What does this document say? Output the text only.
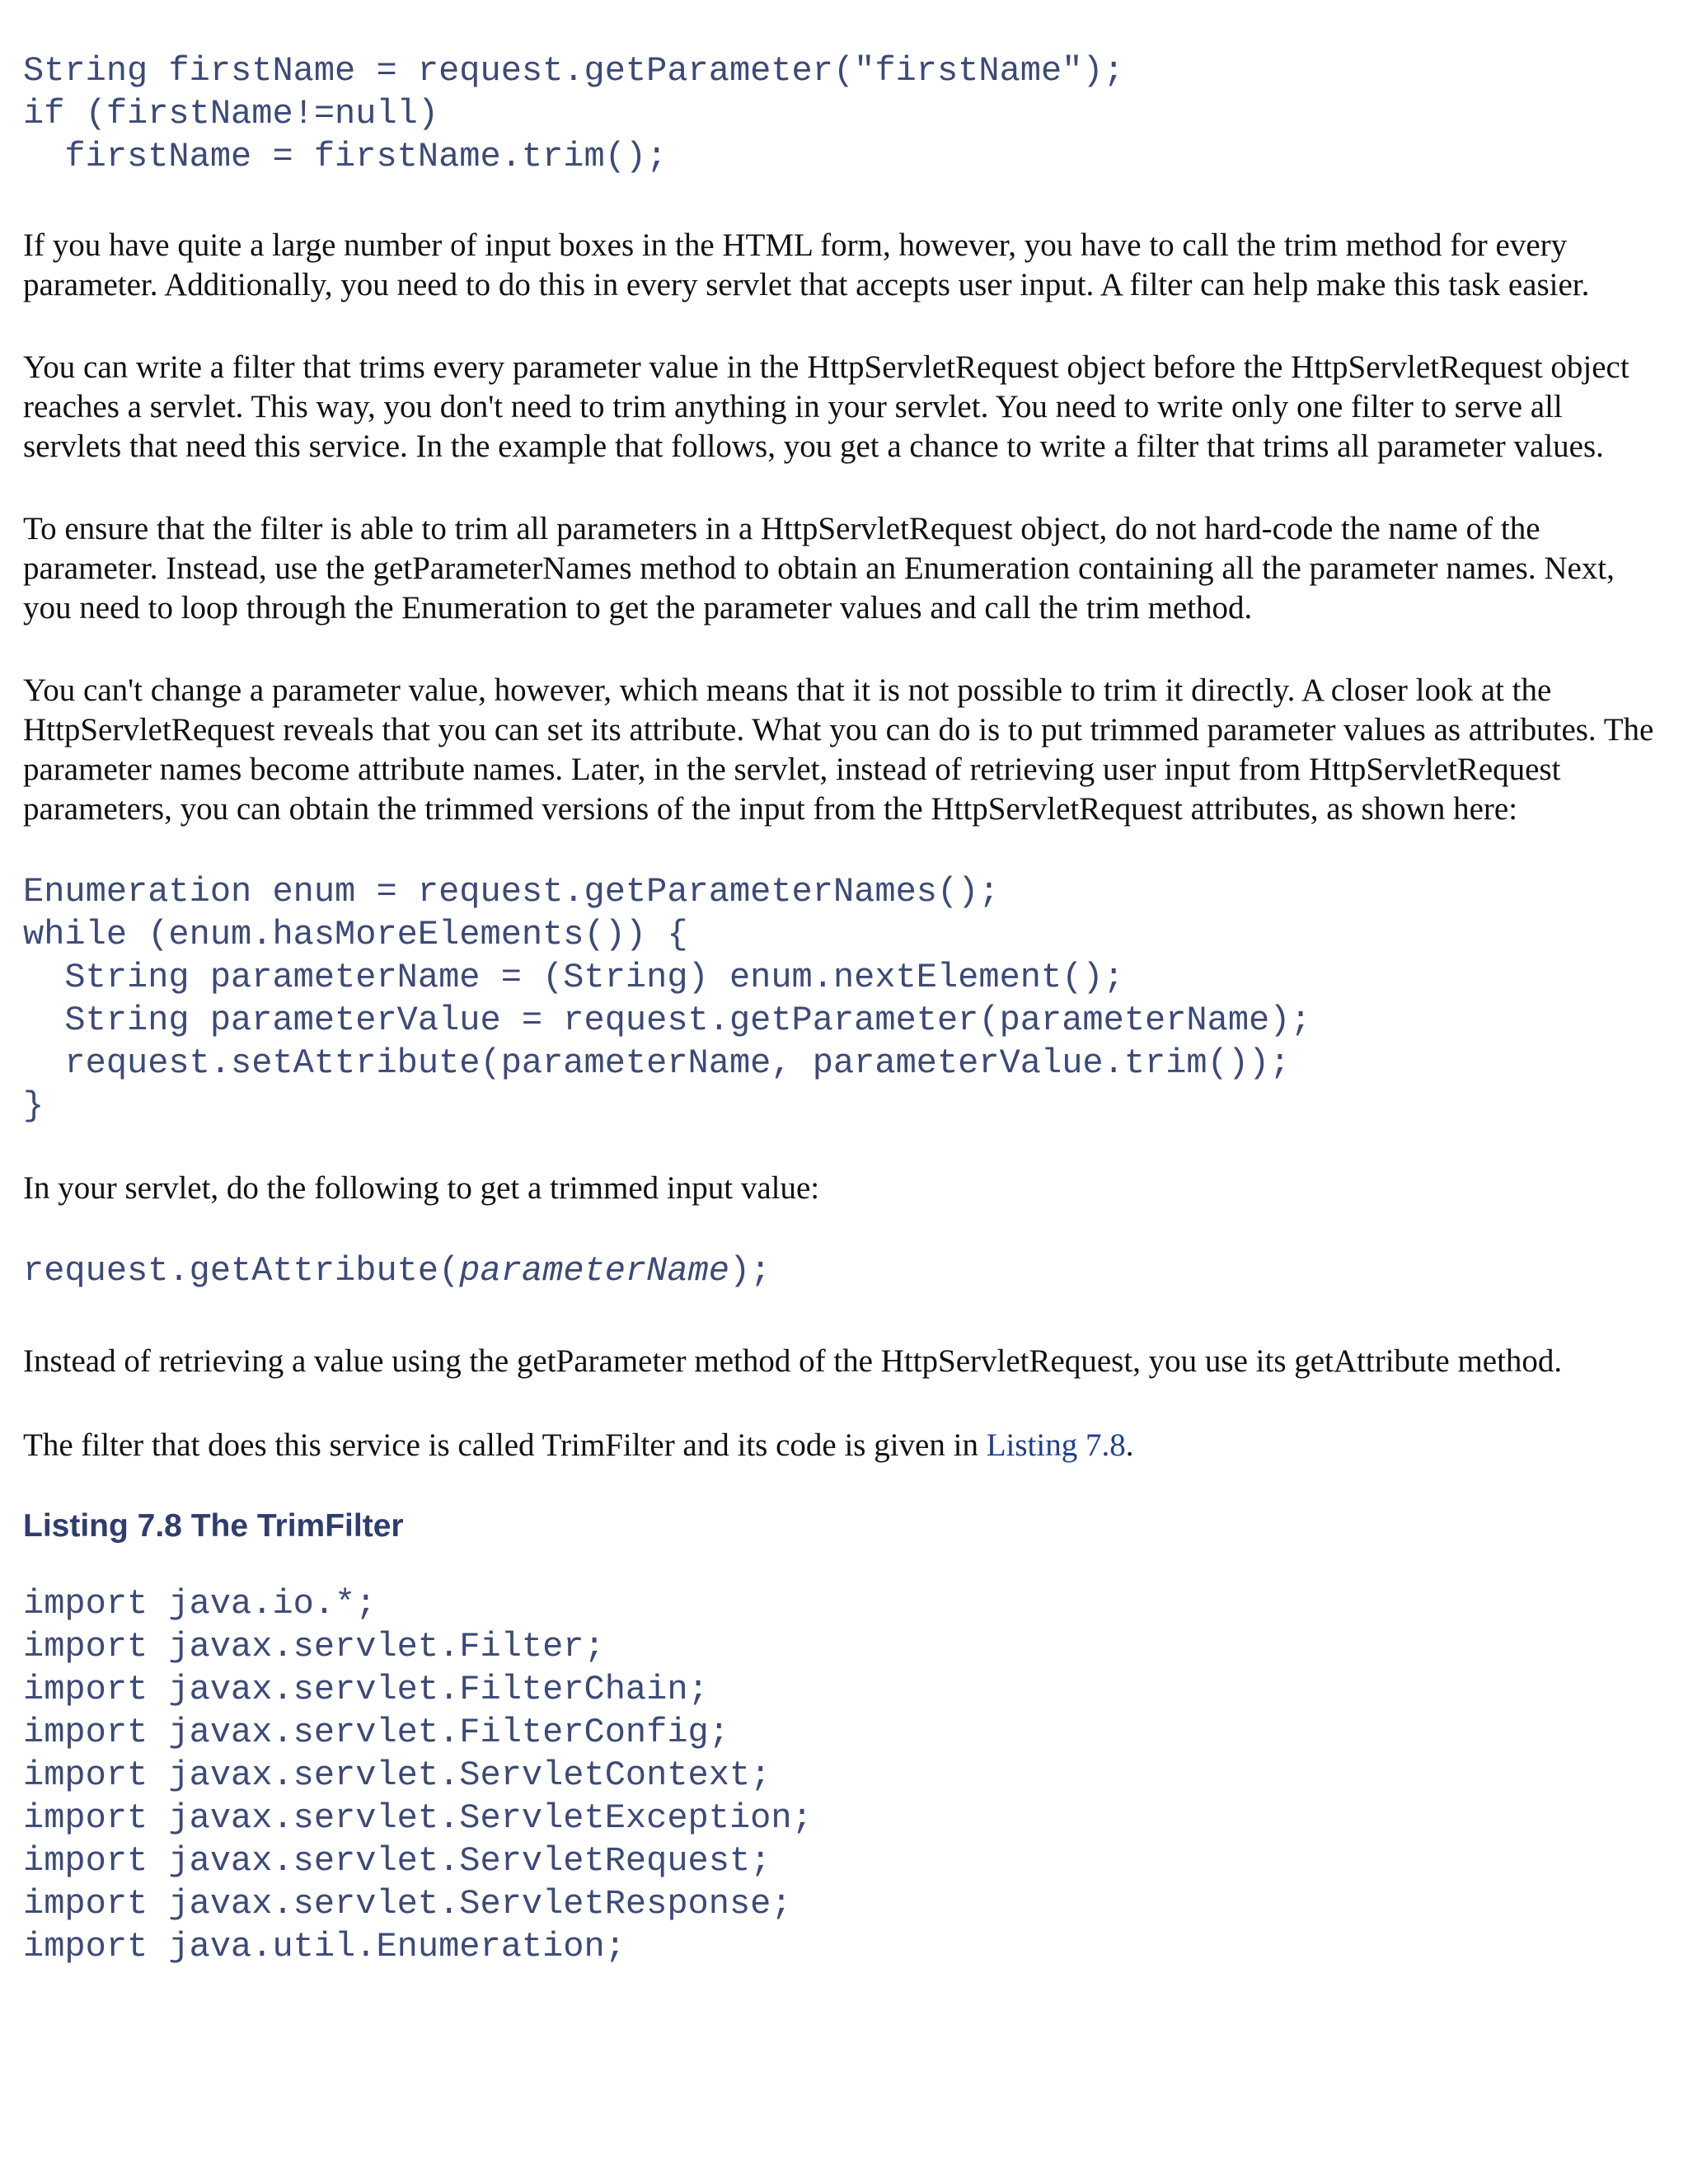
String firstName = request.getParameter("firstName");
if (firstName!=null)
firstName = firstName.trim();

If you have quite a large number of input boxes in the HTML form, however, you have to call the trim method for every parameter. Additionally, you need to do this in every servlet that accepts user input. A filter can help make this task easier.

You can write a filter that trims every parameter value in the HttpServletRequest object before the HttpServletRequest object reaches a servlet. This way, you don't need to trim anything in your servlet. You need to write only one filter to serve all servlets that need this service. In the example that follows, you get a chance to write a filter that trims all parameter values.

To ensure that the filter is able to trim all parameters in a HttpServletRequest object, do not hard-code the name of the parameter. Instead, use the getParameterNames method to obtain an Enumeration containing all the parameter names. Next, you need to loop through the Enumeration to get the parameter values and call the trim method.

You can't change a parameter value, however, which means that it is not possible to trim it directly. A closer look at the HttpServletRequest reveals that you can set its attribute. What you can do is to put trimmed parameter values as attributes. The parameter names become attribute names. Later, in the servlet, instead of retrieving user input from HttpServletRequest parameters, you can obtain the trimmed versions of the input from the HttpServletRequest attributes, as shown here:

Enumeration enum = request.getParameterNames();
while (enum.hasMoreElements()) {
String parameterName = (String) enum.nextElement();
String parameterValue = request.getParameter(parameterName);
request.setAttribute(parameterName, parameterValue.trim());
}

In your servlet, do the following to get a trimmed input value:

request.getAttribute(parameterName);

Instead of retrieving a value using the getParameter method of the HttpServletRequest, you use its getAttribute method.

The filter that does this service is called TrimFilter and its code is given in Listing 7.8.

Listing 7.8 The TrimFilter
import java.io.*;
import javax.servlet.Filter;
import javax.servlet.FilterChain;
import javax.servlet.FilterConfig;
import javax.servlet.ServletContext;
import javax.servlet.ServletException;
import javax.servlet.ServletRequest;
import javax.servlet.ServletResponse;
import java.util.Enumeration;
